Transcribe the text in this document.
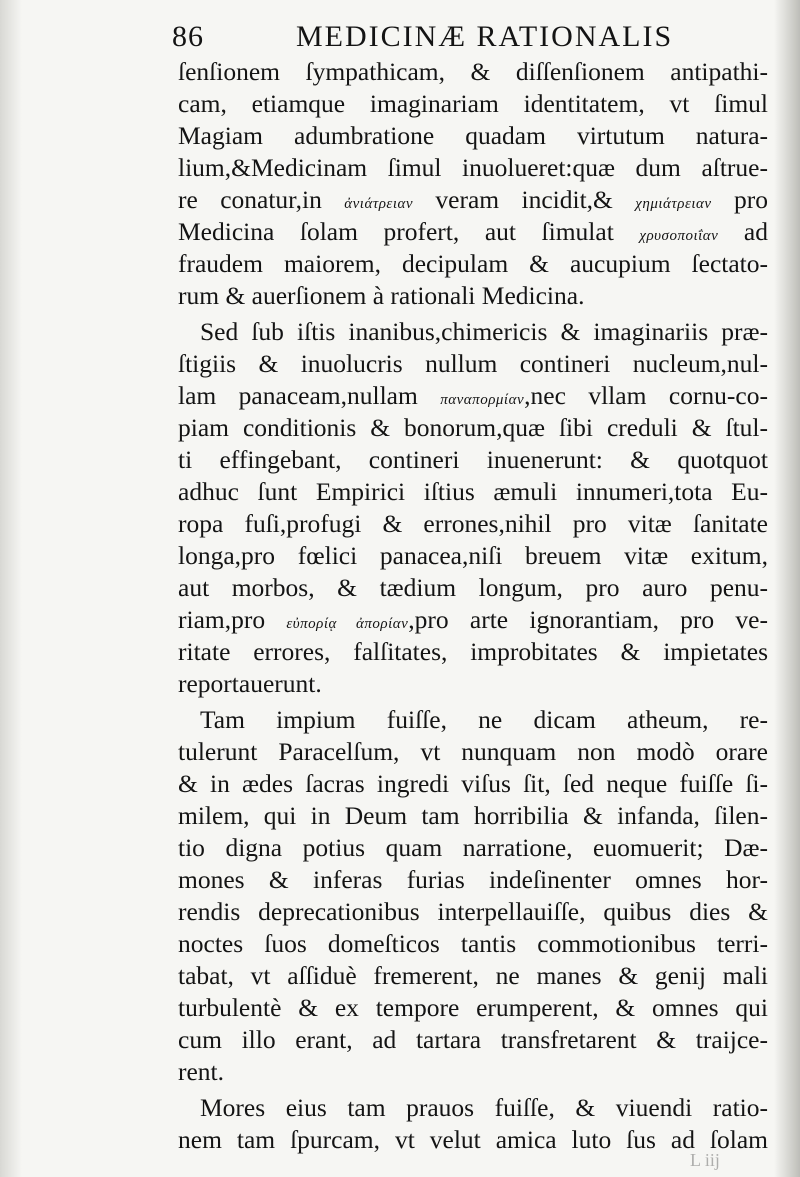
86	MEDICINÆ RATIONALIS
ſenſionem ſympathicam, & diſſenſionem antipathi-
cam, etiamque imaginariam identitatem, vt ſimul
Magiam adumbratione quadam virtutum natura-
lium,&Medicinam ſimul inuolueret:quæ dum aſtrue-
re conatur,in ἀνιάτρειαν veram incidit,& χημιάτρειαν pro
Medicina ſolam profert, aut ſimulat χρυσοποιΐαν ad
fraudem maiorem, decipulam & aucupium ſectato-
rum & auerſionem à rationali Medicina.
Sed ſub iſtis inanibus,chimericis & imaginariis præ-
ſtigiis & inuolucris nullum contineri nucleum,nul-
lam panaceam,nullam παναπορμίαν,nec vllam cornu-co-
piam conditionis & bonorum,quæ ſibi creduli & ſtul-
ti effingebant, contineri inuenerunt: & quotquot
adhuc ſunt Empirici iſtius æmuli innumeri,tota Eu-
ropa fuſi,profugi & errones,nihil pro vitæ ſanitate
longa,pro fœlici panacea,niſi breuem vitæ exitum,
aut morbos, & tædium longum, pro auro penu-
riam,pro εὐπορίᾳ ἀπορίαν,pro arte ignorantiam, pro ve-
ritate errores, falſitates, improbitates & impietates
reportauerunt.
Tam impium fuiſſe, ne dicam atheum, re-
tulerunt Paracelſum, vt nunquam non modò orare
& in ædes ſacras ingredi viſus ſit, ſed neque fuiſſe ſi-
milem, qui in Deum tam horribilia & infanda, ſilen-
tio digna potius quam narratione, euomuerit; Dæ-
mones & inferas furias indeſinenter omnes hor-
rendis deprecationibus interpellauiſſe, quibus dies &
noctes ſuos domeſticos tantis commotionibus terri-
tabat, vt aſſiduè fremerent, ne manes & genij mali
turbulentè & ex tempore erumperent, & omnes qui
cum illo erant, ad tartara transfretarent & traijce-
rent.
Mores eius tam prauos fuiſſe, & viuendi ratio-
nem tam ſpurcam, vt velut amica luto ſus ad ſolam
L iij
